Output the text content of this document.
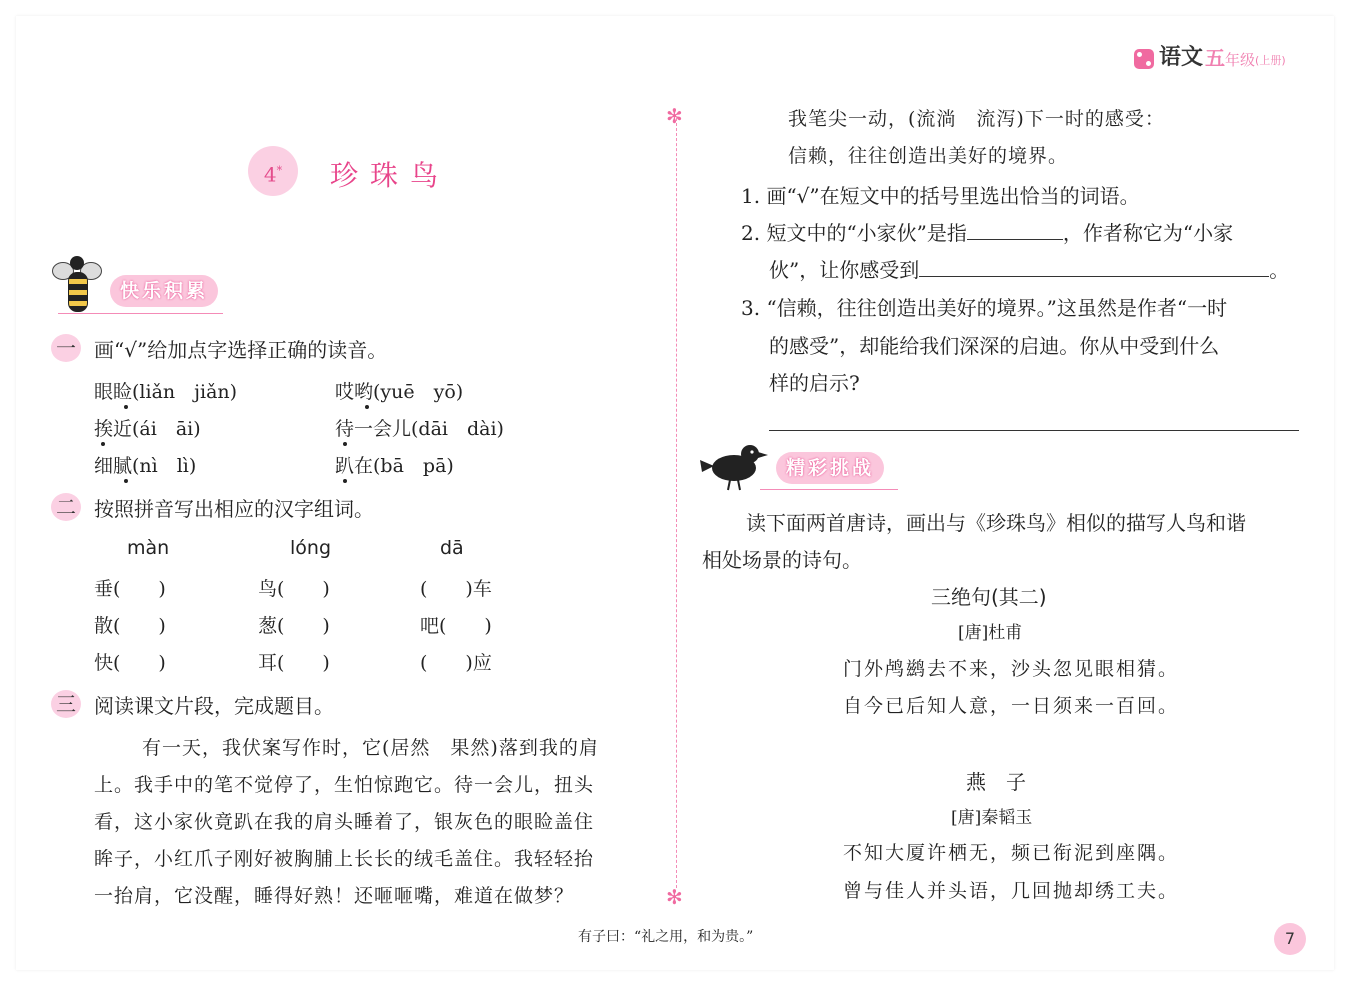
语文 五 年级 (上册)
✻
✻
4*	珍珠鸟
快乐积累
一 画“√”给加点字选择正确的读音。
眼睑(liǎn　jiǎn)	哎哟(yuē　yō)
挨近(ái　āi)	待一会儿(dāi　dài)
细腻(nì　lì)	趴在(bā　pā)
二 按照拼音写出相应的汉字组词。
màn	lóng	dā
垂(　　)	鸟(　　)	(　　)车
散(　　)	葱(　　)	吧(　　)
快(　　)	耳(　　)	(　　)应
三 阅读课文片段，完成题目。
有一天，我伏案写作时，它(居然　果然)落到我的肩
上。我手中的笔不觉停了，生怕惊跑它。待一会儿，扭头
看，这小家伙竟趴在我的肩头睡着了，银灰色的眼睑盖住
眸子，小红爪子刚好被胸脯上长长的绒毛盖住。我轻轻抬
一抬肩，它没醒，睡得好熟！还咂咂嘴，难道在做梦？
我笔尖一动，(流淌　流泻)下一时的感受：
信赖，往往创造出美好的境界。
1. 画“√”在短文中的括号里选出恰当的词语。
2. 短文中的“小家伙”是指	，作者称它为“小家
伙”，让你感受到	。
3. “信赖，往往创造出美好的境界。”这虽然是作者“一时
的感受”，却能给我们深深的启迪。你从中受到什么
样的启示?
精彩挑战
读下面两首唐诗，画出与《珍珠鸟》相似的描写人鸟和谐
相处场景的诗句。
三绝句(其二)
[唐]杜甫
门外鸬鹚去不来，沙头忽见眼相猜。
自今已后知人意，一日须来一百回。
燕　子
[唐]秦韬玉
不知大厦许栖无，频已衔泥到座隅。
曾与佳人并头语，几回抛却绣工夫。
有子曰：“礼之用，和为贵。”	7
